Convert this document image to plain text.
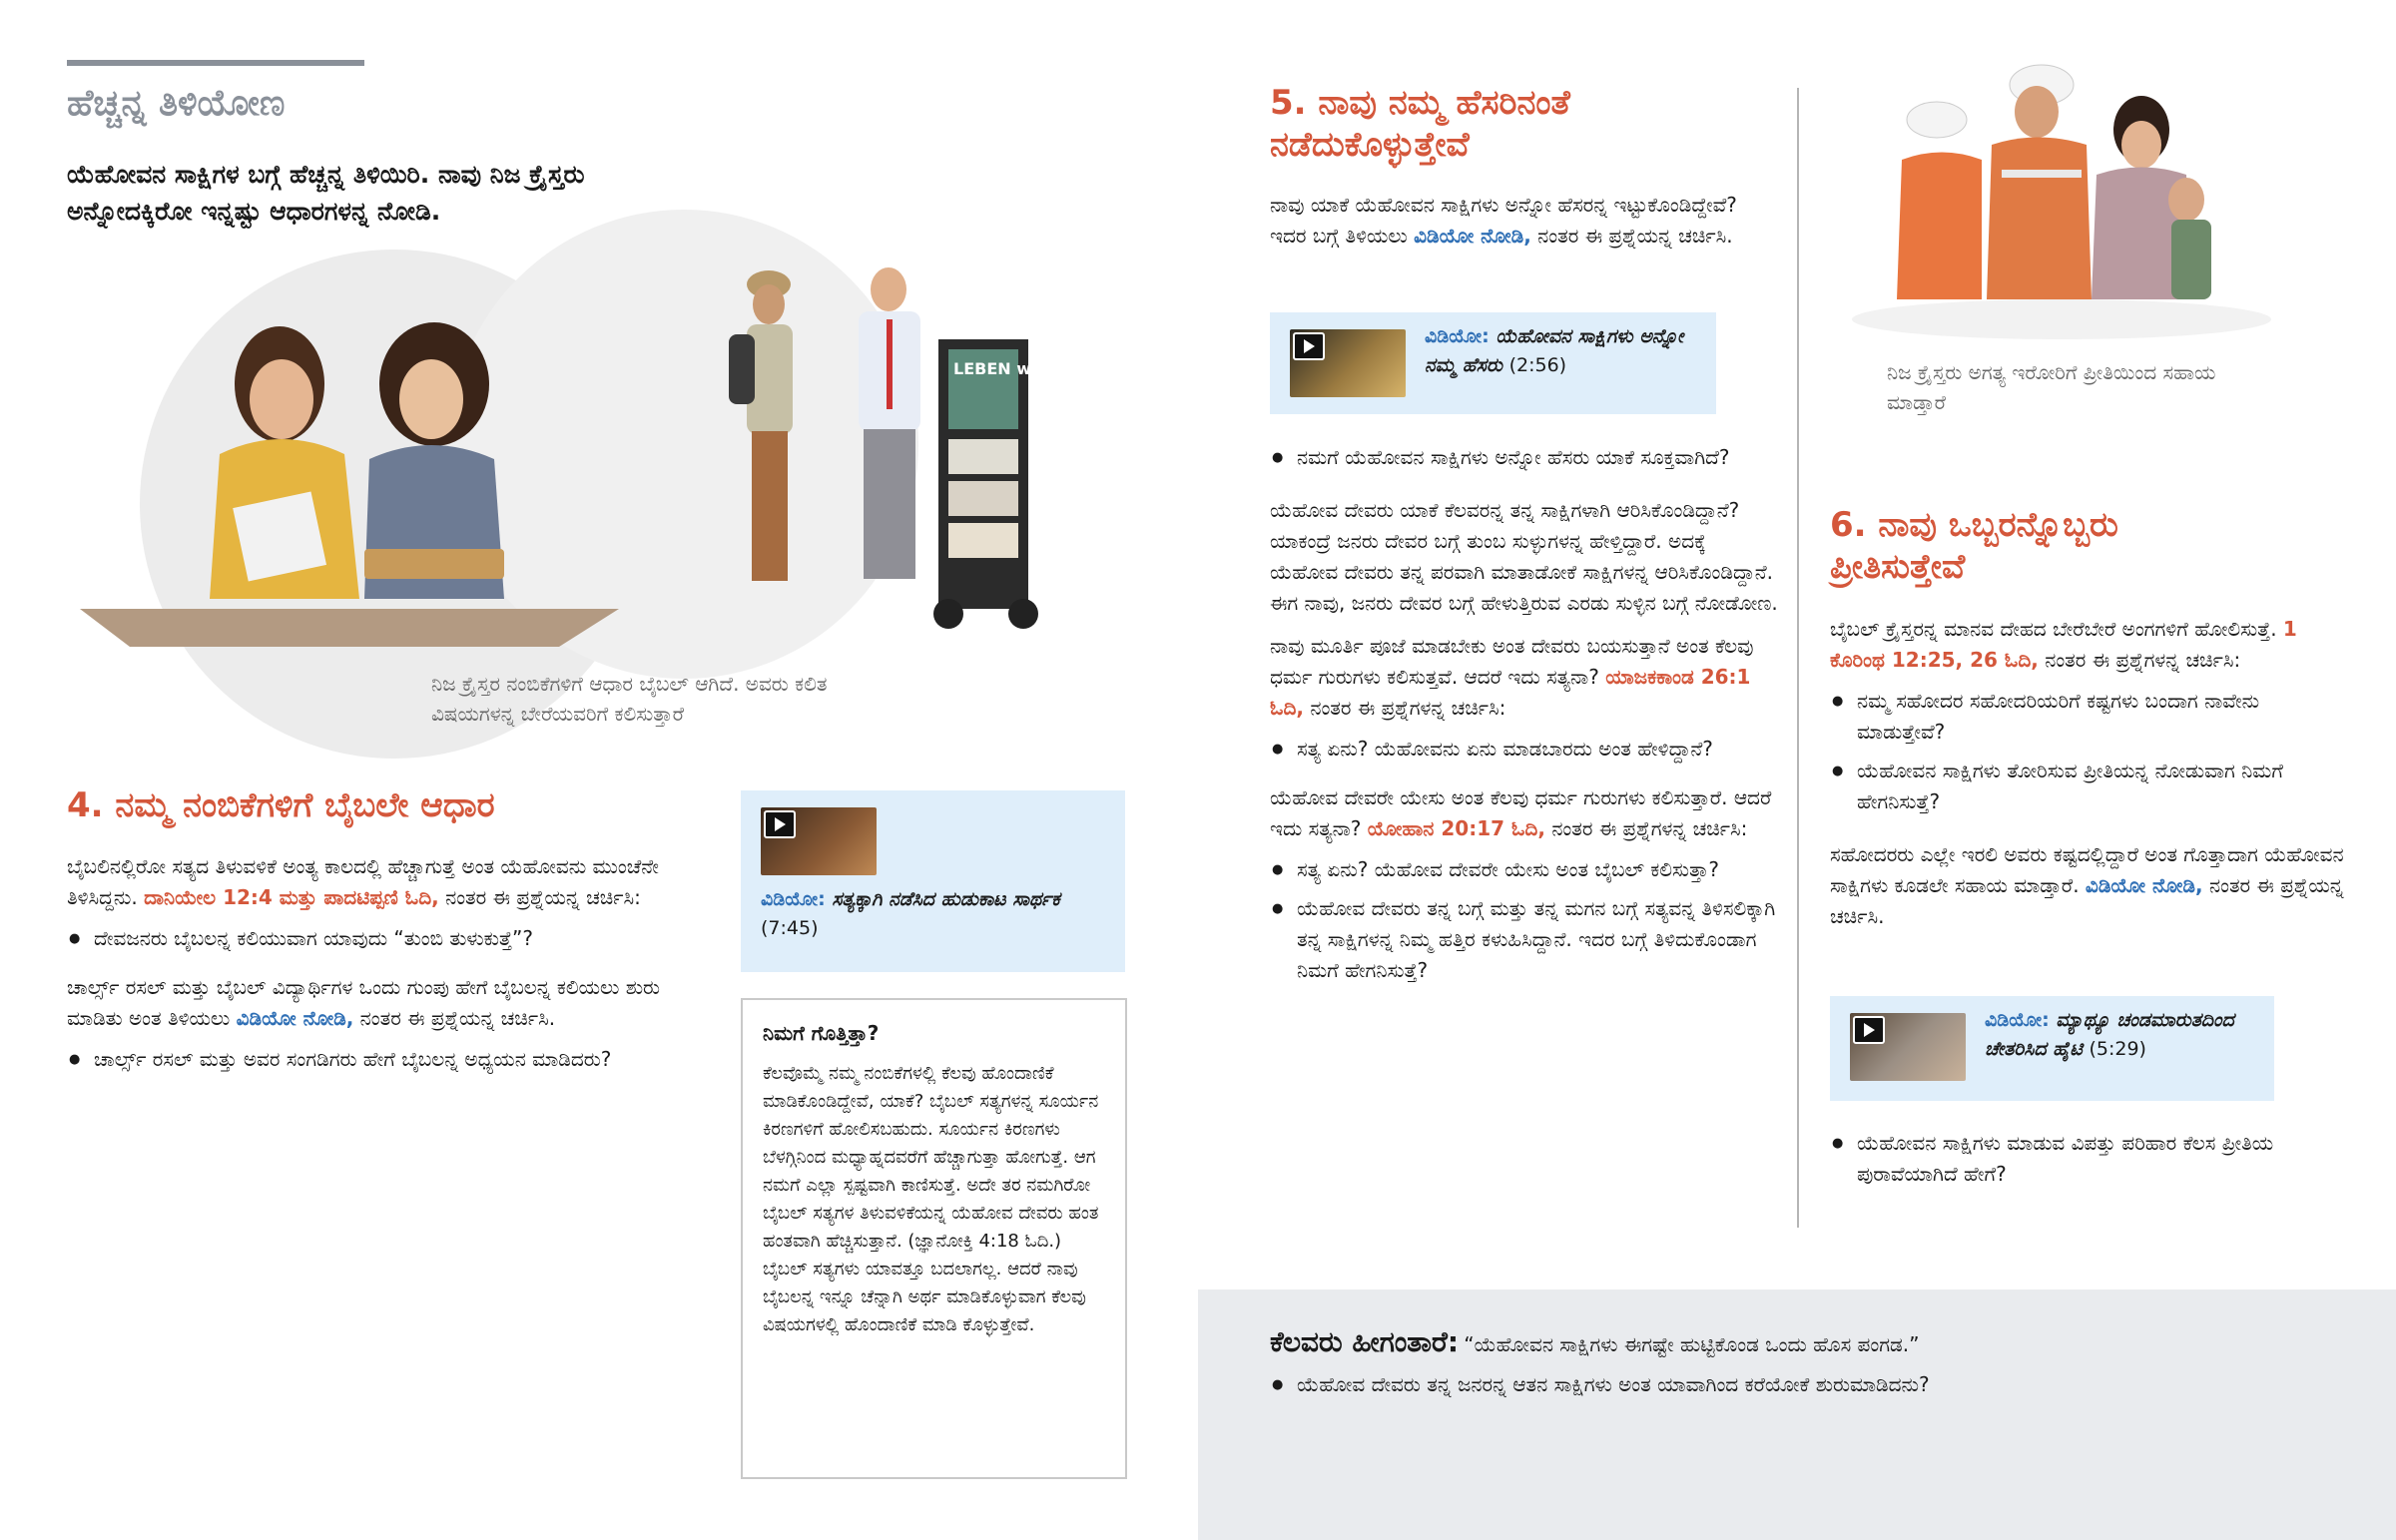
ಹೆಚ್ಚನ್ನ ತಿಳಿಯೋಣ

ಯೆಹೋವನ ಸಾಕ್ಷಿಗಳ ಬಗ್ಗೆ ಹೆಚ್ಚನ್ನ ತಿಳಿಯಿರಿ. ನಾವು ನಿಜ ಕ್ರೈಸ್ತರು ಅನ್ನೋದಕ್ಕಿರೋ ಇನ್ನಷ್ಟು ಆಧಾರಗಳನ್ನ ನೋಡಿ.

LEBEN wie lang
ನಿಜ ಕ್ರೈಸ್ತರ ನಂಬಿಕೆಗಳಿಗೆ ಆಧಾರ ಬೈಬಲ್ ಆಗಿದೆ. ಅವರು ಕಲಿತ ವಿಷಯಗಳನ್ನ ಬೇರೆಯವರಿಗೆ ಕಲಿಸುತ್ತಾರೆ
4. ನಮ್ಮ ನಂಬಿಕೆಗಳಿಗೆ ಬೈಬಲೇ ಆಧಾರ

ಬೈಬಲಿನಲ್ಲಿರೋ ಸತ್ಯದ ತಿಳುವಳಿಕೆ ಅಂತ್ಯ ಕಾಲದಲ್ಲಿ ಹೆಚ್ಚಾಗುತ್ತೆ ಅಂತ ಯೆಹೋವನು ಮುಂಚೆನೇ ತಿಳಿಸಿದ್ದನು. ದಾನಿಯೇಲ 12:4 ಮತ್ತು ಪಾದಟಿಪ್ಪಣಿ ಓದಿ, ನಂತರ ಈ ಪ್ರಶ್ನೆಯನ್ನ ಚರ್ಚಿಸಿ:

● ದೇವಜನರು ಬೈಬಲನ್ನ ಕಲಿಯುವಾಗ ಯಾವುದು “ತುಂಬಿ ತುಳುಕುತ್ತೆ”?

ಚಾರ್ಲ್ಸ್ ರಸಲ್ ಮತ್ತು ಬೈಬಲ್ ವಿದ್ಯಾರ್ಥಿಗಳ ಒಂದು ಗುಂಪು ಹೇಗೆ ಬೈಬಲನ್ನ ಕಲಿಯಲು ಶುರು ಮಾಡಿತು ಅಂತ ತಿಳಿಯಲು ವಿಡಿಯೋ ನೋಡಿ, ನಂತರ ಈ ಪ್ರಶ್ನೆಯನ್ನ ಚರ್ಚಿಸಿ.

● ಚಾರ್ಲ್ಸ್ ರಸಲ್ ಮತ್ತು ಅವರ ಸಂಗಡಿಗರು ಹೇಗೆ ಬೈಬಲನ್ನ ಅಧ್ಯಯನ ಮಾಡಿದರು?
ವಿಡಿಯೋ: ಸತ್ಯಕ್ಕಾಗಿ ನಡೆಸಿದ ಹುಡುಕಾಟ ಸಾರ್ಥಕ (7:45)
ನಿಮಗೆ ಗೊತ್ತಿತ್ತಾ?
ಕೆಲವೊಮ್ಮೆ ನಮ್ಮ ನಂಬಿಕೆಗಳಲ್ಲಿ ಕೆಲವು ಹೊಂದಾಣಿಕೆ ಮಾಡಿಕೊಂಡಿದ್ದೇವೆ, ಯಾಕೆ? ಬೈಬಲ್ ಸತ್ಯಗಳನ್ನ ಸೂರ್ಯನ ಕಿರಣಗಳಿಗೆ ಹೋಲಿಸಬಹುದು. ಸೂರ್ಯನ ಕಿರಣಗಳು ಬೆಳಗ್ಗಿನಿಂದ ಮಧ್ಯಾಹ್ನದವರೆಗೆ ಹೆಚ್ಚಾಗುತ್ತಾ ಹೋಗುತ್ತೆ. ಆಗ ನಮಗೆ ಎಲ್ಲಾ ಸ್ಪಷ್ಟವಾಗಿ ಕಾಣಿಸುತ್ತೆ. ಅದೇ ತರ ನಮಗಿರೋ ಬೈಬಲ್ ಸತ್ಯಗಳ ತಿಳುವಳಿಕೆಯನ್ನ ಯೆಹೋವ ದೇವರು ಹಂತ ಹಂತವಾಗಿ ಹೆಚ್ಚಿಸುತ್ತಾನೆ. (ಜ್ಞಾನೋಕ್ತಿ 4:18 ಓದಿ.) ಬೈಬಲ್ ಸತ್ಯಗಳು ಯಾವತ್ತೂ ಬದಲಾಗಲ್ಲ. ಆದರೆ ನಾವು ಬೈಬಲನ್ನ ಇನ್ನೂ ಚೆನ್ನಾಗಿ ಅರ್ಥ ಮಾಡಿಕೊಳ್ಳುವಾಗ ಕೆಲವು ವಿಷಯಗಳಲ್ಲಿ ಹೊಂದಾಣಿಕೆ ಮಾಡಿ ಕೊಳ್ಳುತ್ತೇವೆ.
5. ನಾವು ನಮ್ಮ ಹೆಸರಿನಂತೆ ನಡೆದುಕೊಳ್ಳುತ್ತೇವೆ

ನಾವು ಯಾಕೆ ಯೆಹೋವನ ಸಾಕ್ಷಿಗಳು ಅನ್ನೋ ಹೆಸರನ್ನ ಇಟ್ಟುಕೊಂಡಿದ್ದೇವೆ? ಇದರ ಬಗ್ಗೆ ತಿಳಿಯಲು ವಿಡಿಯೋ ನೋಡಿ, ನಂತರ ಈ ಪ್ರಶ್ನೆಯನ್ನ ಚರ್ಚಿಸಿ.

ವಿಡಿಯೋ: ಯೆಹೋವನ ಸಾಕ್ಷಿಗಳು ಅನ್ನೋ ನಮ್ಮ ಹೆಸರು (2:56)
● ನಮಗೆ ಯೆಹೋವನ ಸಾಕ್ಷಿಗಳು ಅನ್ನೋ ಹೆಸರು ಯಾಕೆ ಸೂಕ್ತವಾಗಿದೆ?

ಯೆಹೋವ ದೇವರು ಯಾಕೆ ಕೆಲವರನ್ನ ತನ್ನ ಸಾಕ್ಷಿಗಳಾಗಿ ಆರಿಸಿಕೊಂಡಿದ್ದಾನೆ? ಯಾಕಂದ್ರೆ ಜನರು ದೇವರ ಬಗ್ಗೆ ತುಂಬ ಸುಳ್ಳುಗಳನ್ನ ಹೇಳ್ತಿದ್ದಾರೆ. ಅದಕ್ಕೆ ಯೆಹೋವ ದೇವರು ತನ್ನ ಪರವಾಗಿ ಮಾತಾಡೋಕೆ ಸಾಕ್ಷಿಗಳನ್ನ ಆರಿಸಿಕೊಂಡಿದ್ದಾನೆ. ಈಗ ನಾವು, ಜನರು ದೇವರ ಬಗ್ಗೆ ಹೇಳುತ್ತಿರುವ ಎರಡು ಸುಳ್ಳಿನ ಬಗ್ಗೆ ನೋಡೋಣ.

ನಾವು ಮೂರ್ತಿ ಪೂಜೆ ಮಾಡಬೇಕು ಅಂತ ದೇವರು ಬಯಸುತ್ತಾನೆ ಅಂತ ಕೆಲವು ಧರ್ಮ ಗುರುಗಳು ಕಲಿಸುತ್ತವೆ. ಆದರೆ ಇದು ಸತ್ಯನಾ? ಯಾಜಕಕಾಂಡ 26:1 ಓದಿ, ನಂತರ ಈ ಪ್ರಶ್ನೆಗಳನ್ನ ಚರ್ಚಿಸಿ:

● ಸತ್ಯ ಏನು? ಯೆಹೋವನು ಏನು ಮಾಡಬಾರದು ಅಂತ ಹೇಳಿದ್ದಾನೆ?

ಯೆಹೋವ ದೇವರೇ ಯೇಸು ಅಂತ ಕೆಲವು ಧರ್ಮ ಗುರುಗಳು ಕಲಿಸುತ್ತಾರೆ. ಆದರೆ ಇದು ಸತ್ಯನಾ? ಯೋಹಾನ 20:17 ಓದಿ, ನಂತರ ಈ ಪ್ರಶ್ನೆಗಳನ್ನ ಚರ್ಚಿಸಿ:

● ಸತ್ಯ ಏನು? ಯೆಹೋವ ದೇವರೇ ಯೇಸು ಅಂತ ಬೈಬಲ್ ಕಲಿಸುತ್ತಾ?
● ಯೆಹೋವ ದೇವರು ತನ್ನ ಬಗ್ಗೆ ಮತ್ತು ತನ್ನ ಮಗನ ಬಗ್ಗೆ ಸತ್ಯವನ್ನ ತಿಳಿಸಲಿಕ್ಕಾಗಿ ತನ್ನ ಸಾಕ್ಷಿಗಳನ್ನ ನಿಮ್ಮ ಹತ್ತಿರ ಕಳುಹಿಸಿದ್ದಾನೆ. ಇದರ ಬಗ್ಗೆ ತಿಳಿದುಕೊಂಡಾಗ ನಿಮಗೆ ಹೇಗನಿಸುತ್ತೆ?
ನಿಜ ಕ್ರೈಸ್ತರು ಅಗತ್ಯ ಇರೋರಿಗೆ ಪ್ರೀತಿಯಿಂದ ಸಹಾಯ ಮಾಡ್ತಾರೆ
6. ನಾವು ಒಬ್ಬರನ್ನೊಬ್ಬರು ಪ್ರೀತಿಸುತ್ತೇವೆ

ಬೈಬಲ್ ಕ್ರೈಸ್ತರನ್ನ ಮಾನವ ದೇಹದ ಬೇರೆಬೇರೆ ಅಂಗಗಳಿಗೆ ಹೋಲಿಸುತ್ತೆ. 1 ಕೊರಿಂಥ 12:25, 26 ಓದಿ, ನಂತರ ಈ ಪ್ರಶ್ನೆಗಳನ್ನ ಚರ್ಚಿಸಿ:

● ನಮ್ಮ ಸಹೋದರ ಸಹೋದರಿಯರಿಗೆ ಕಷ್ಟಗಳು ಬಂದಾಗ ನಾವೇನು ಮಾಡುತ್ತೇವೆ?
● ಯೆಹೋವನ ಸಾಕ್ಷಿಗಳು ತೋರಿಸುವ ಪ್ರೀತಿಯನ್ನ ನೋಡುವಾಗ ನಿಮಗೆ ಹೇಗನಿಸುತ್ತೆ?

ಸಹೋದರರು ಎಲ್ಲೇ ಇರಲಿ ಅವರು ಕಷ್ಟದಲ್ಲಿದ್ದಾರೆ ಅಂತ ಗೊತ್ತಾದಾಗ ಯೆಹೋವನ ಸಾಕ್ಷಿಗಳು ಕೂಡಲೇ ಸಹಾಯ ಮಾಡ್ತಾರೆ. ವಿಡಿಯೋ ನೋಡಿ, ನಂತರ ಈ ಪ್ರಶ್ನೆಯನ್ನ ಚರ್ಚಿಸಿ.

ವಿಡಿಯೋ: ಮ್ಯಾಥ್ಯೂ ಚಂಡಮಾರುತದಿಂದ ಚೇತರಿಸಿದ ಹೈಟಿ (5:29)
● ಯೆಹೋವನ ಸಾಕ್ಷಿಗಳು ಮಾಡುವ ವಿಪತ್ತು ಪರಿಹಾರ ಕೆಲಸ ಪ್ರೀತಿಯ ಪುರಾವೆಯಾಗಿದೆ ಹೇಗೆ?
ಕೆಲವರು ಹೀಗಂತಾರೆ: “ಯೆಹೋವನ ಸಾಕ್ಷಿಗಳು ಈಗಷ್ಟೇ ಹುಟ್ಟಿಕೊಂಡ ಒಂದು ಹೊಸ ಪಂಗಡ.”
● ಯೆಹೋವ ದೇವರು ತನ್ನ ಜನರನ್ನ ಆತನ ಸಾಕ್ಷಿಗಳು ಅಂತ ಯಾವಾಗಿಂದ ಕರೆಯೋಕೆ ಶುರುಮಾಡಿದನು?
